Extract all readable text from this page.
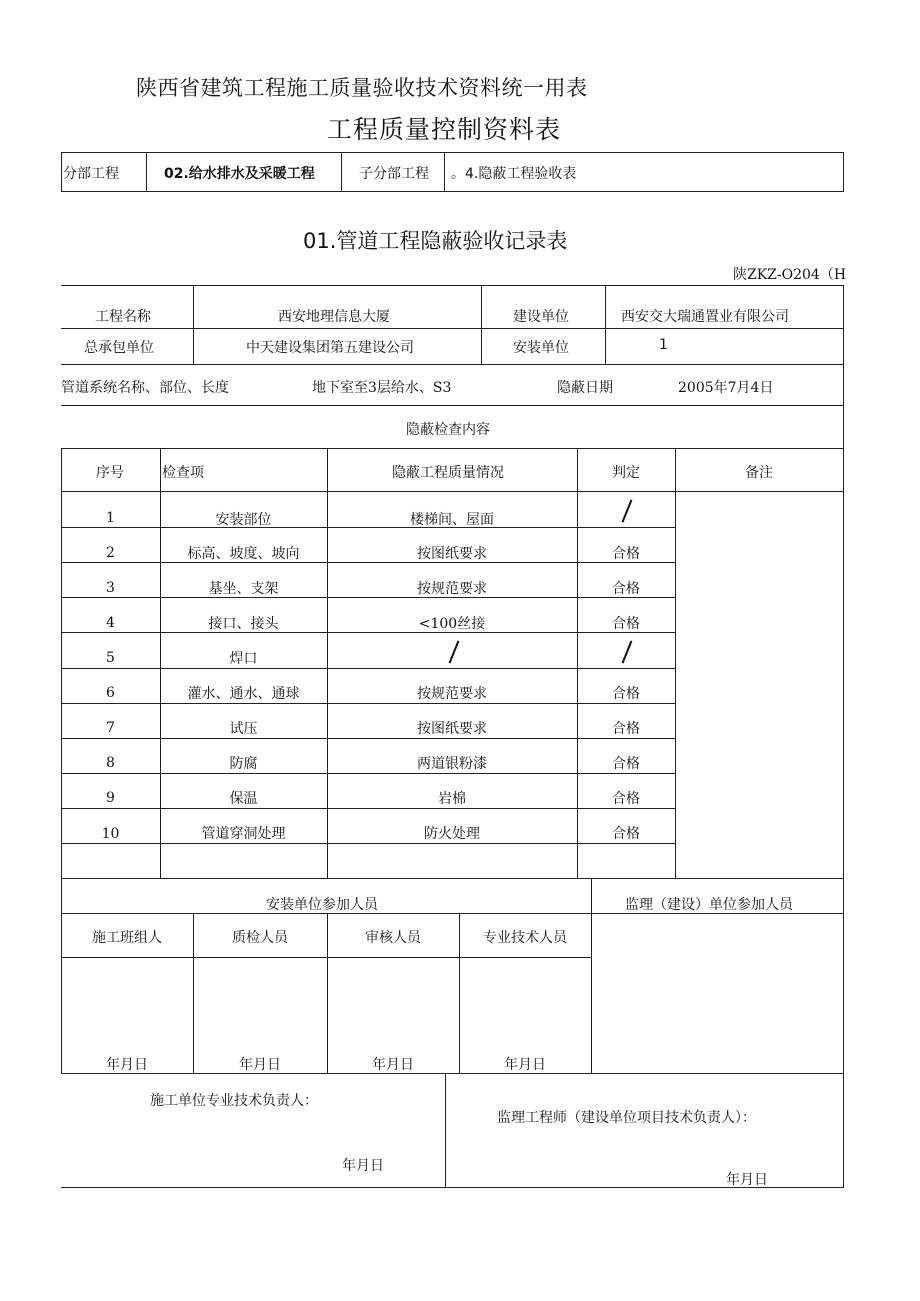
陕西省建筑工程施工质量验收技术资料统一用表
工程质量控制资料表
分部工程	02.给水排水及采暖工程	子分部工程 。4.隐蔽工程验收表
01.管道工程隐蔽验收记录表
陕ZKZ-O204（H
工程名称	西安地理信息大厦	建设单位	西安交大瑞通置业有限公司
总承包单位	中天建设集团第五建设公司	安装单位	1
管道系统名称、部位、长度	地下室至3层给水、S3	隐蔽日期	2005年7月4日
隐蔽检查内容
序号	检查项	隐蔽工程质量情况	判定	备注
1	安装部位	楼梯间、屋面
2	标高、坡度、坡向	按图纸要求	合格
3	基坐、支架	按规范要求	合格
4	接口、接头	<100丝接	合格
5	焊口
6	灌水、通水、通球	按规范要求	合格
7	试压	按图纸要求	合格
8	防腐	两道银粉漆	合格
9	保温	岩棉	合格
10	管道穿洞处理	防火处理	合格
安装单位参加人员	监理（建设）单位参加人员
施工班组人	质检人员	审核人员	专业技术人员
年月日	年月日	年月日	年月日
施工单位专业技术负责人：
年月日
监理工程师（建设单位项目技术负责人）：
年月日
